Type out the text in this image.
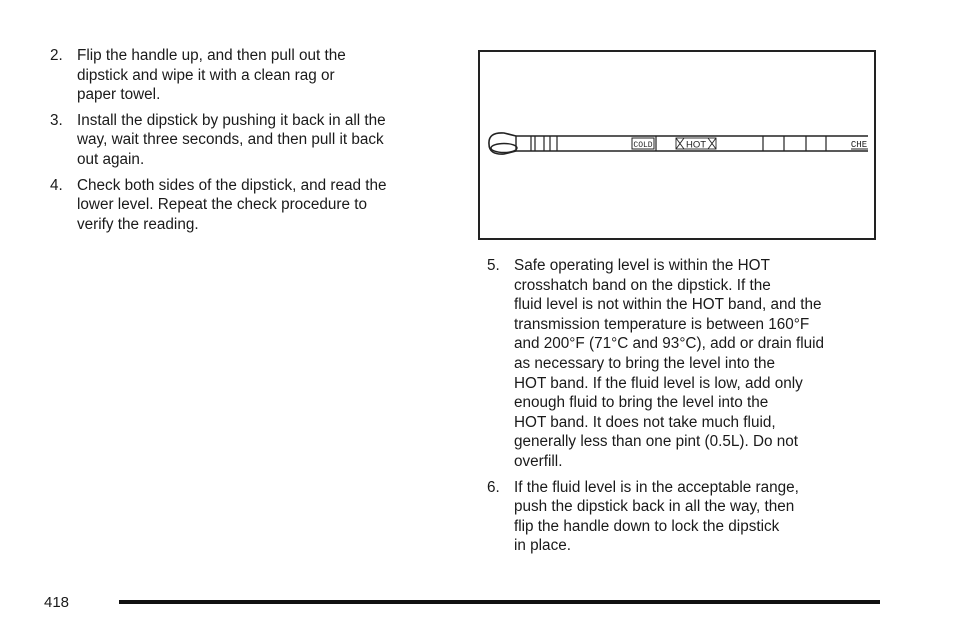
2. Flip the handle up, and then pull out the
dipstick and wipe it with a clean rag or
paper towel.
3. Install the dipstick by pushing it back in all the
way, wait three seconds, and then pull it back
out again.
4. Check both sides of the dipstick, and read the
lower level. Repeat the check procedure to
verify the reading.
COLD	HOT	CHE
5. Safe operating level is within the HOT
crosshatch band on the dipstick. If the
fluid level is not within the HOT band, and the
transmission temperature is between 160°F
and 200°F (71°C and 93°C), add or drain fluid
as necessary to bring the level into the
HOT band. If the fluid level is low, add only
enough fluid to bring the level into the
HOT band. It does not take much fluid,
generally less than one pint (0.5L). Do not
overfill.
6. If the fluid level is in the acceptable range,
push the dipstick back in all the way, then
flip the handle down to lock the dipstick
in place.
418
